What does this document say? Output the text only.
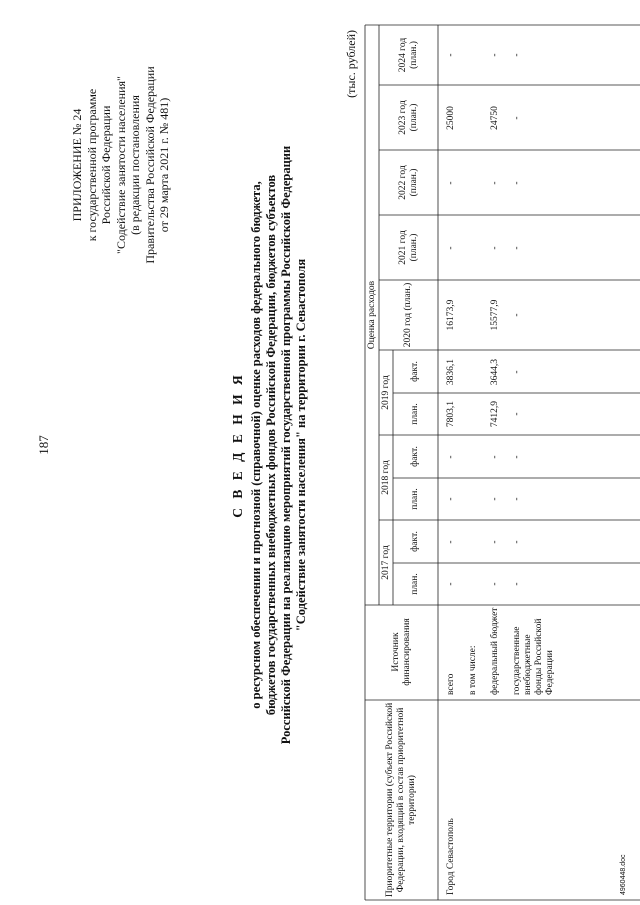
187
ПРИЛОЖЕНИЕ № 24 к государственной программе Российской Федерации "Содействие занятости населения" (в редакции постановления Правительства Российской Федерации от 29 марта 2021 г. № 481)
С В Е Д Е Н И Я о ресурсном обеспечении и прогнозной (справочной) оценке расходов федерального бюджета, бюджетов государственных внебюджетных фондов Российской Федерации, бюджетов субъектов Российской Федерации на реализацию мероприятий государственной программы Российской Федерации "Содействие занятости населения" на территории г. Севастополя
(тыс. рублей)
Приоритетные территории (субъект Российской Федерации, входящий в состав приоритетной территории)
Источник финансирования
Оценка расходов
2017 год
2018 год
2019 год
план.
факт.
план.
факт.
план.
факт.
2020 год (план.)
2021 год (план.)
2022 год (план.)
2023 год (план.)
2024 год (план.)
Город Севастополь
всего в том числе: федеральный бюджет государственные внебюджетные фонды Российской Федерации
-
-
-
-
7803,1
3836,1
16173,9
-
-
25000
-
-
-
-
-
7412,9
3644,3
15577,9
-
-
24750
-
-
-
-
-
-
-
-
-
-
-
-
4960448.doc
